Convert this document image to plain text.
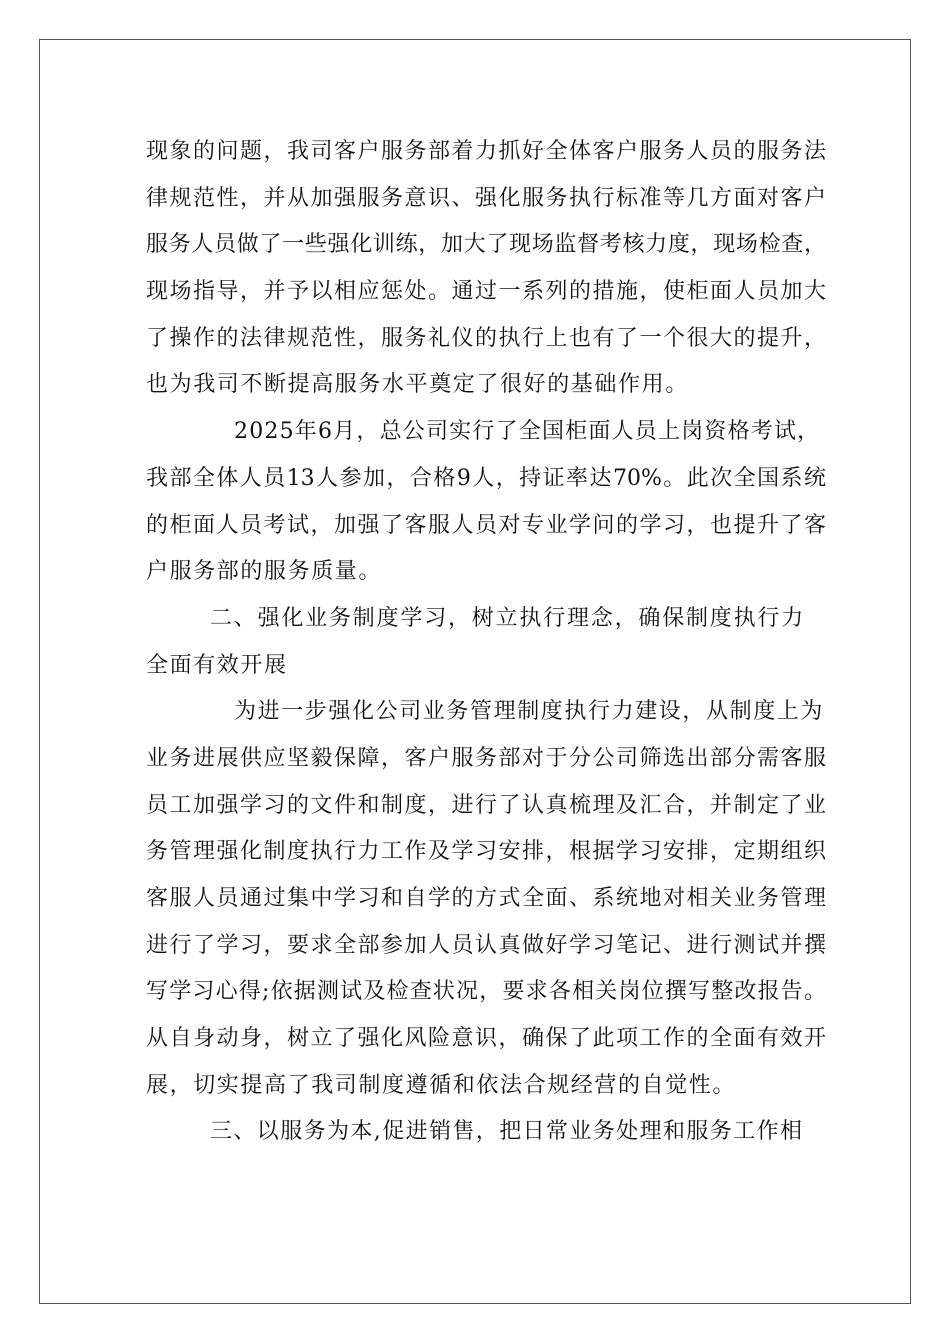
现象的问题，我司客户服务部着力抓好全体客户服务人员的服务法
律规范性，并从加强服务意识、强化服务执行标准等几方面对客户
服务人员做了一些强化训练，加大了现场监督考核力度，现场检查，
现场指导，并予以相应惩处。通过一系列的措施，使柜面人员加大
了操作的法律规范性，服务礼仪的执行上也有了一个很大的提升，
也为我司不断提高服务水平奠定了很好的基础作用。
2025年6月，总公司实行了全国柜面人员上岗资格考试，
我部全体人员13人参加，合格9人，持证率达70%。此次全国系统
的柜面人员考试，加强了客服人员对专业学问的学习，也提升了客
户服务部的服务质量。
二、强化业务制度学习，树立执行理念，确保制度执行力
全面有效开展
为进一步强化公司业务管理制度执行力建设，从制度上为
业务进展供应坚毅保障，客户服务部对于分公司筛选出部分需客服
员工加强学习的文件和制度，进行了认真梳理及汇合，并制定了业
务管理强化制度执行力工作及学习安排，根据学习安排，定期组织
客服人员通过集中学习和自学的方式全面、系统地对相关业务管理
进行了学习，要求全部参加人员认真做好学习笔记、进行测试并撰
写学习心得;依据测试及检查状况，要求各相关岗位撰写整改报告。
从自身动身，树立了强化风险意识，确保了此项工作的全面有效开
展，切实提高了我司制度遵循和依法合规经营的自觉性。
三、以服务为本,促进销售，把日常业务处理和服务工作相
